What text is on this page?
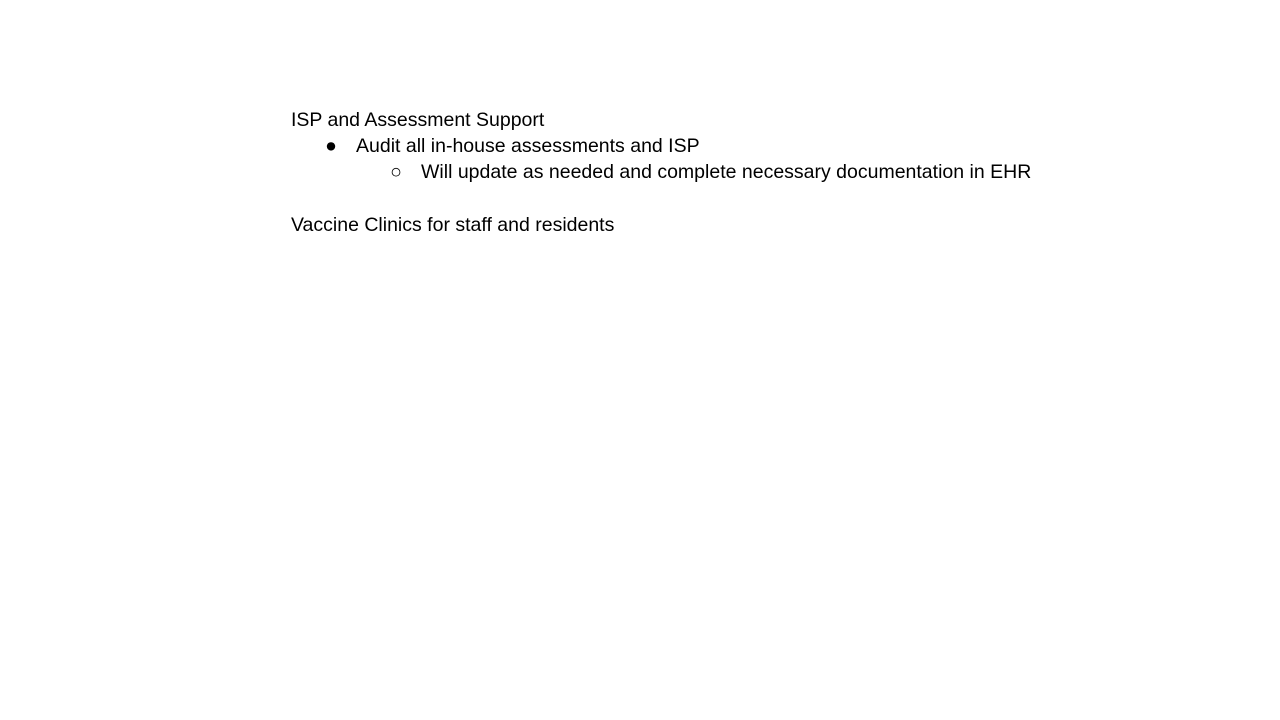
ISP and Assessment Support
● Audit all in-house assessments and ISP
○ Will update as needed and complete necessary documentation in EHR
Vaccine Clinics for staff and residents
